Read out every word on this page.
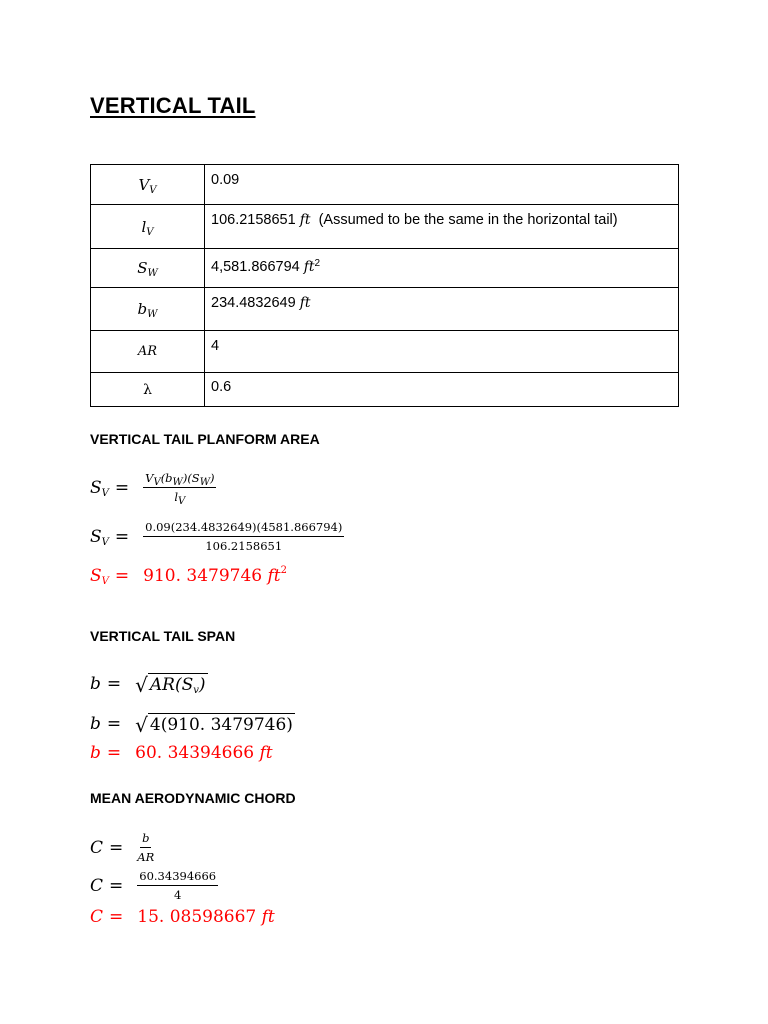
VERTICAL TAIL
$V_V$	0.09
$l_V$	106.2158651 ft (Assumed to be the same in the horizontal tail)
$S_W$	4,581.866794 $ft^2$
$b_W$	234.4832649 ft
AR	4
λ	0.6
VERTICAL TAIL PLANFORM AREA
$S_V = \frac{V_V(b_W)(S_W)}{l_V}$
$S_V = \frac{0.09(234.4832649)(4581.866794)}{106.2158651}$
$S_V = 910$. 3479746
$ft^2$
VERTICAL TAIL SPAN
b = √ $AR(S_v)$
b = √ 4(910. 3479746)
b = 60. 34394666
ft
MEAN AERODYNAMIC CHORD
$C = \frac{b}{AR}$
$C = \frac{60.34394666}{4}$
C = 15. 08598667
ft
